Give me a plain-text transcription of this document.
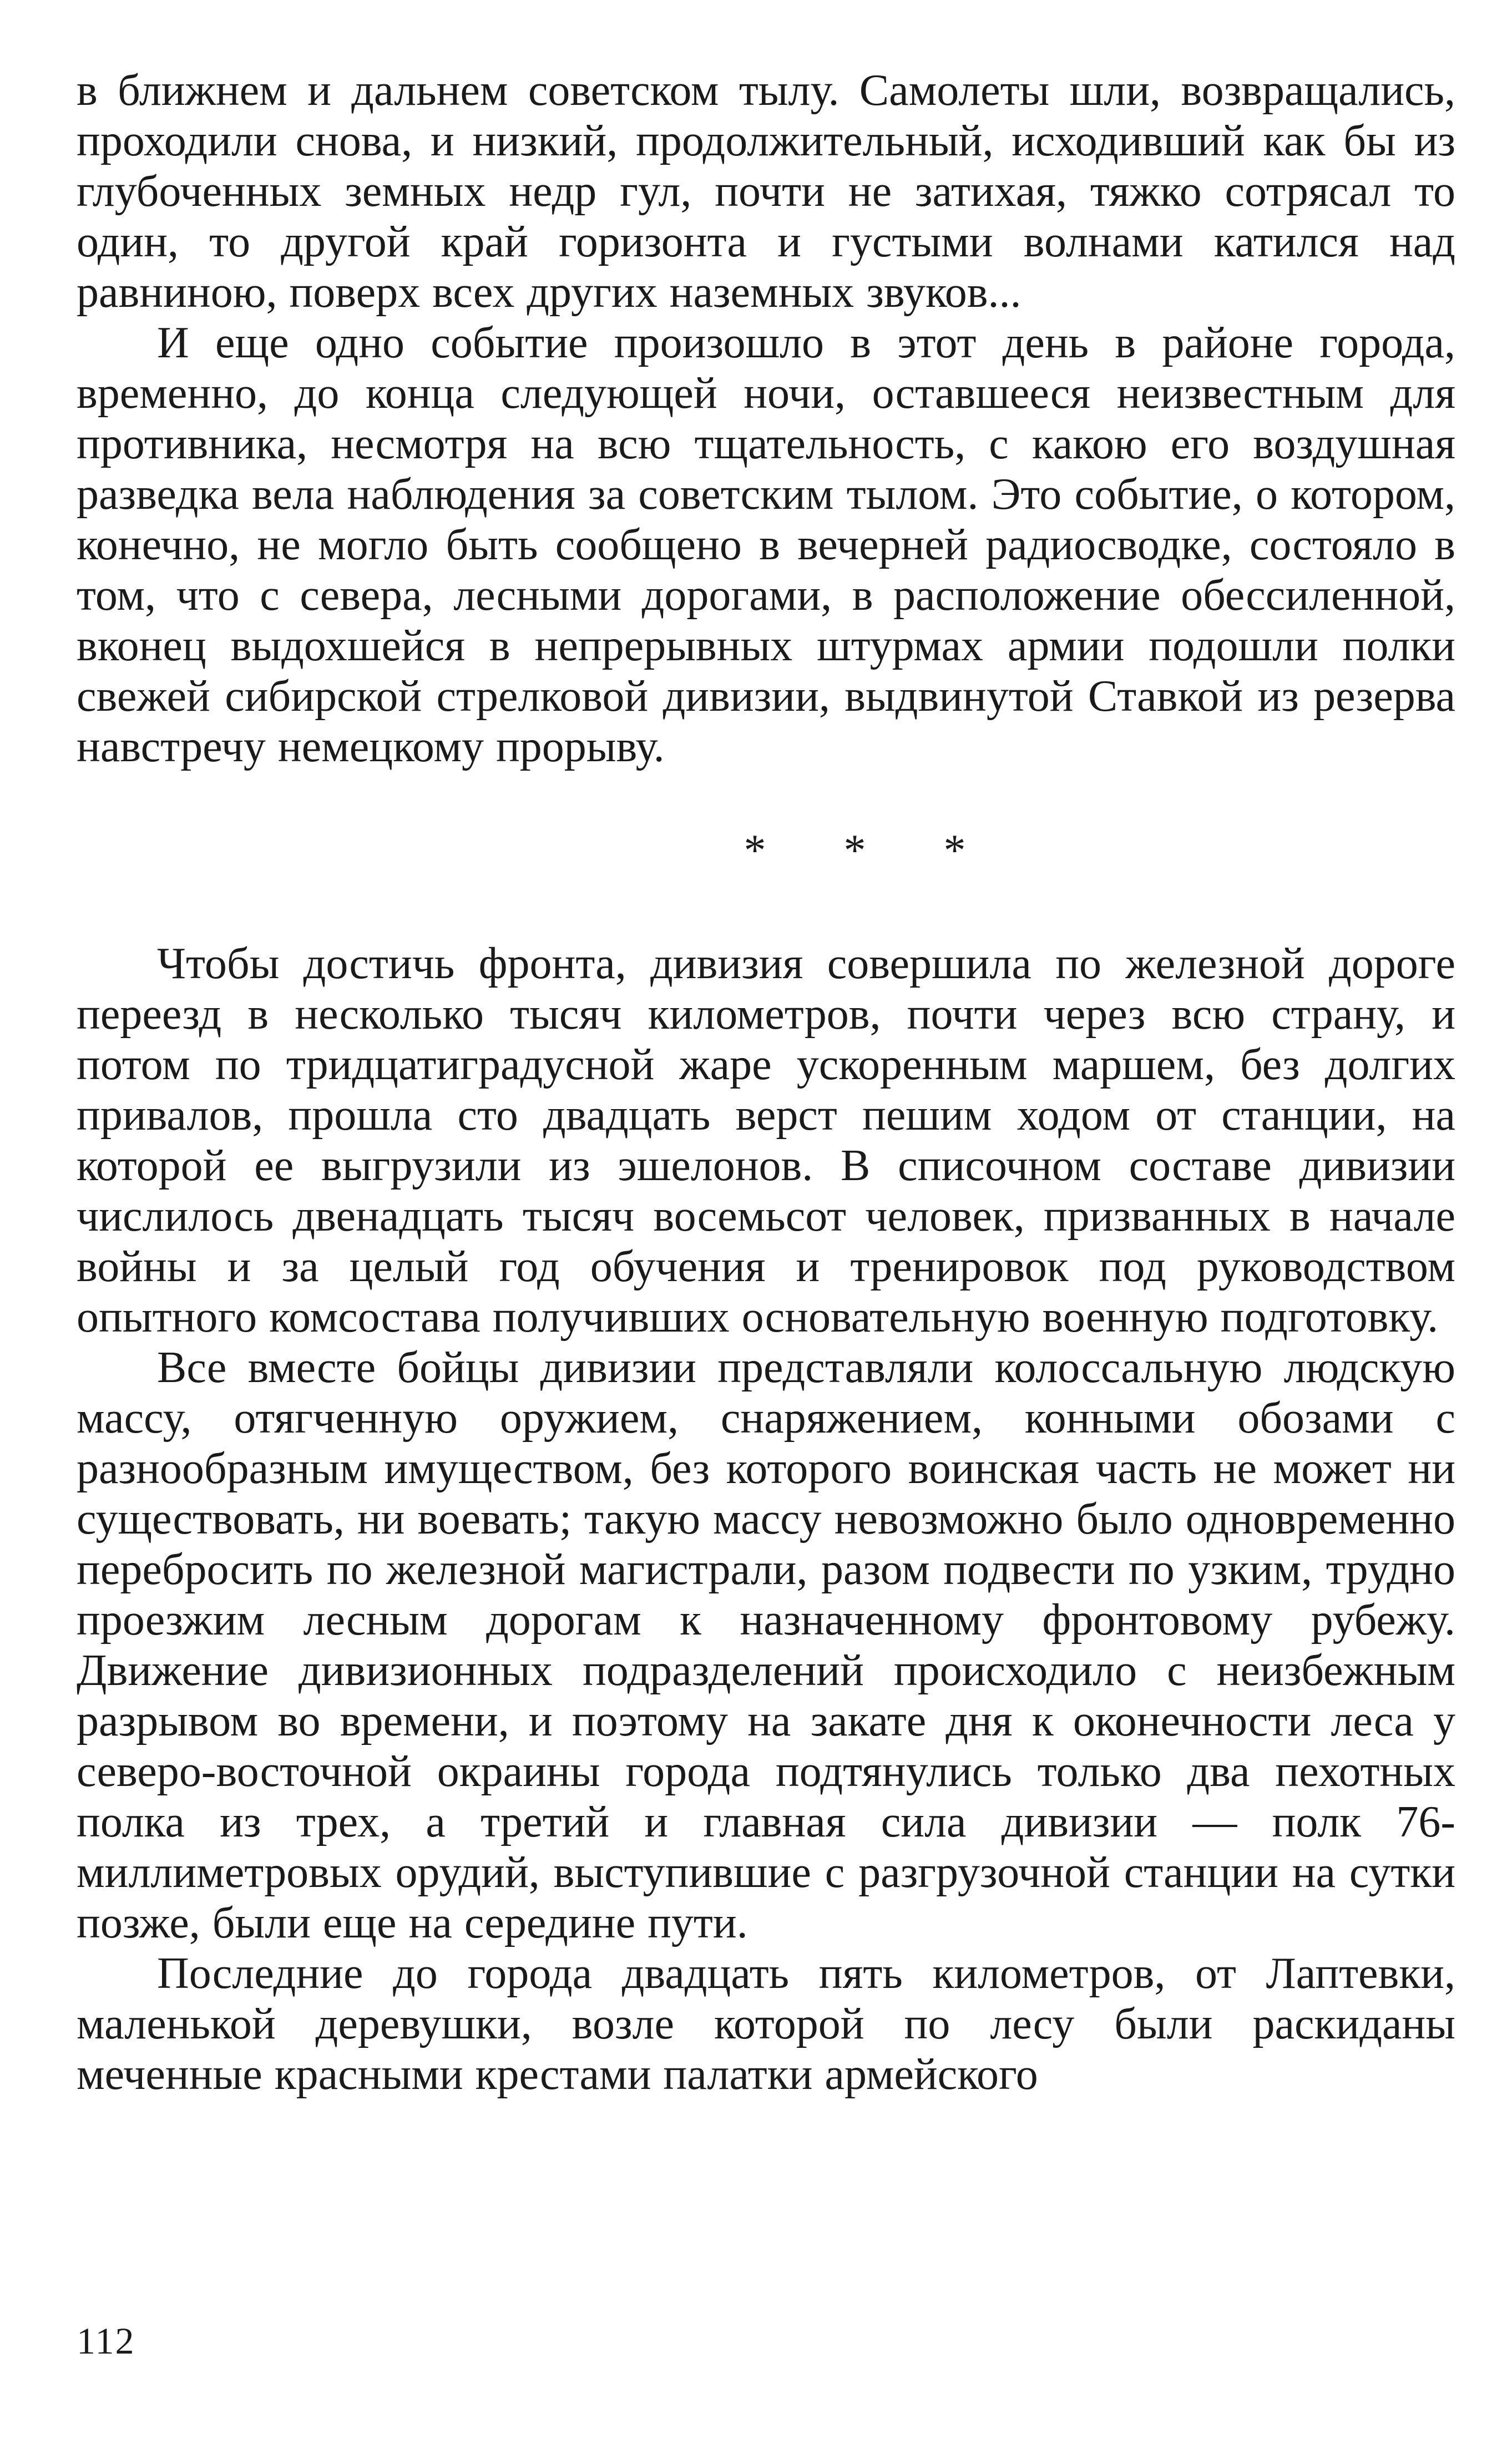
в ближнем и дальнем советском тылу. Самолеты шли, возвращались, проходили снова, и низкий, продолжительный, исходивший как бы из глубоченных земных недр гул, почти не затихая, тяжко сотрясал то один, то другой край горизонта и густыми волнами катился над равниною, поверх всех других наземных звуков...

И еще одно событие произошло в этот день в районе города, временно, до конца следующей ночи, оставшееся неизвестным для противника, несмотря на всю тщательность, с какою его воздушная разведка вела наблюдения за советским тылом. Это событие, о котором, конечно, не могло быть сообщено в вечерней радиосводке, состояло в том, что с севера, лесными дорогами, в расположение обессиленной, вконец выдохшейся в непрерывных штурмах армии подошли полки свежей сибирской стрелковой дивизии, выдвинутой Ставкой из резерва навстречу немецкому прорыву.

* * *

Чтобы достичь фронта, дивизия совершила по железной дороге переезд в несколько тысяч километров, почти через всю страну, и потом по тридцатиградусной жаре ускоренным маршем, без долгих привалов, прошла сто двадцать верст пешим ходом от станции, на которой ее выгрузили из эшелонов. В списочном составе дивизии числилось двенадцать тысяч восемьсот человек, призванных в начале войны и за целый год обучения и тренировок под руководством опытного комсостава получивших основательную военную подготовку.

Все вместе бойцы дивизии представляли колоссальную людскую массу, отягченную оружием, снаряжением, конными обозами с разнообразным имуществом, без которого воинская часть не может ни существовать, ни воевать; такую массу невозможно было одновременно перебросить по железной магистрали, разом подвести по узким, трудно проезжим лесным дорогам к назначенному фронтовому рубежу. Движение дивизионных подразделений происходило с неизбежным разрывом во времени, и поэтому на закате дня к оконечности леса у северо-восточной окраины города подтянулись только два пехотных полка из трех, а третий и главная сила дивизии — полк 76-миллиметровых орудий, выступившие с разгрузочной станции на сутки позже, были еще на середине пути.

Последние до города двадцать пять километров, от Лаптевки, маленькой деревушки, возле которой по лесу были раскиданы меченные красными крестами палатки армейского

112
